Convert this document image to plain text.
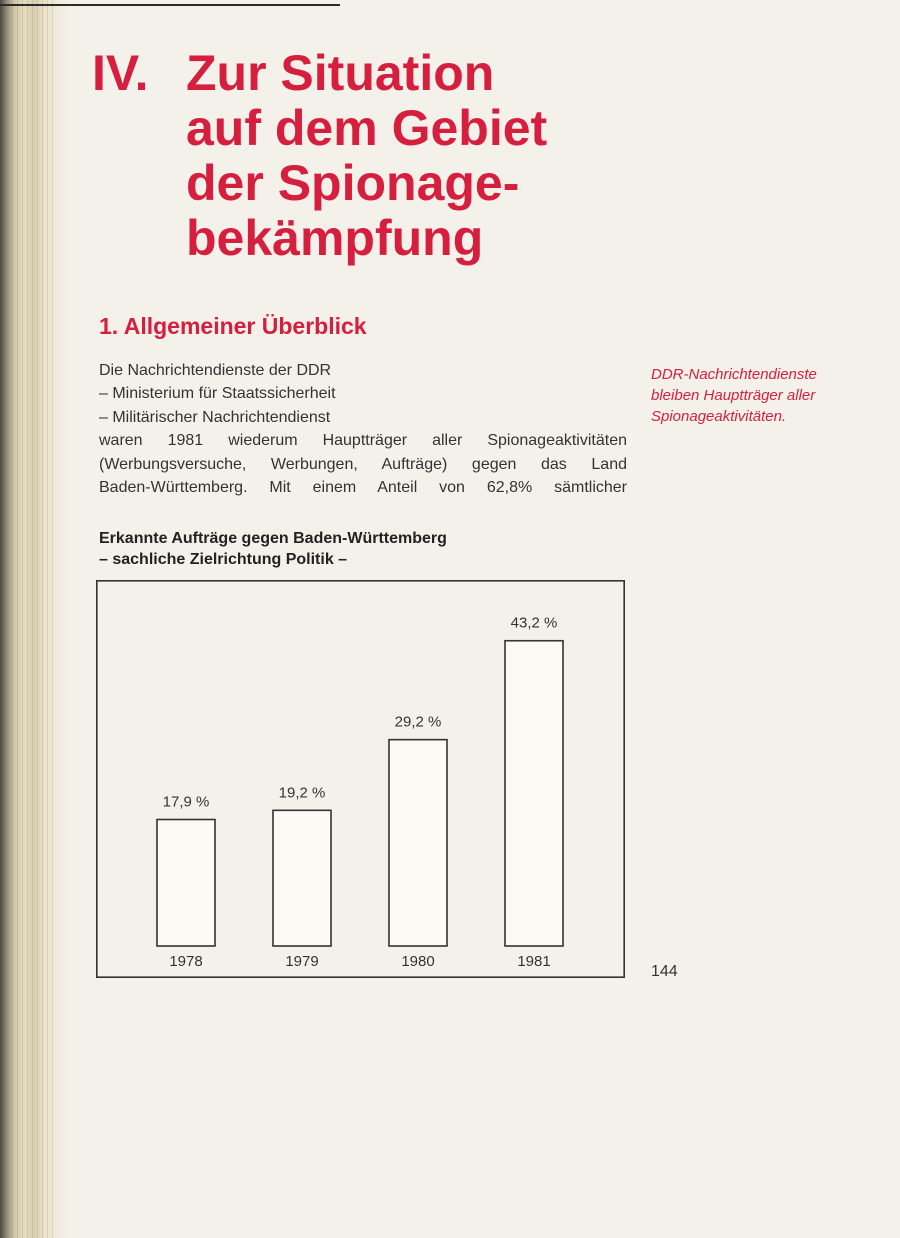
IV. Zur Situation
auf dem Gebiet
der Spionage-
bekämpfung
1. Allgemeiner Überblick
Die Nachrichtendienste der DDR
– Ministerium für Staatssicherheit
– Militärischer Nachrichtendienst
waren 1981 wiederum Hauptträger aller Spionageaktivitäten
(Werbungsversuche, Werbungen, Aufträge) gegen das Land
Baden-Württemberg. Mit einem Anteil von 62,8% sämtlicher
DDR-Nachrichtendienste
bleiben Hauptträger aller
Spionageaktivitäten.
Erkannte Aufträge gegen Baden-Württemberg
– sachliche Zielrichtung Politik –
17,9 %
1978
19,2 %
1979
29,2 %
1980
43,2 %
1981
144
